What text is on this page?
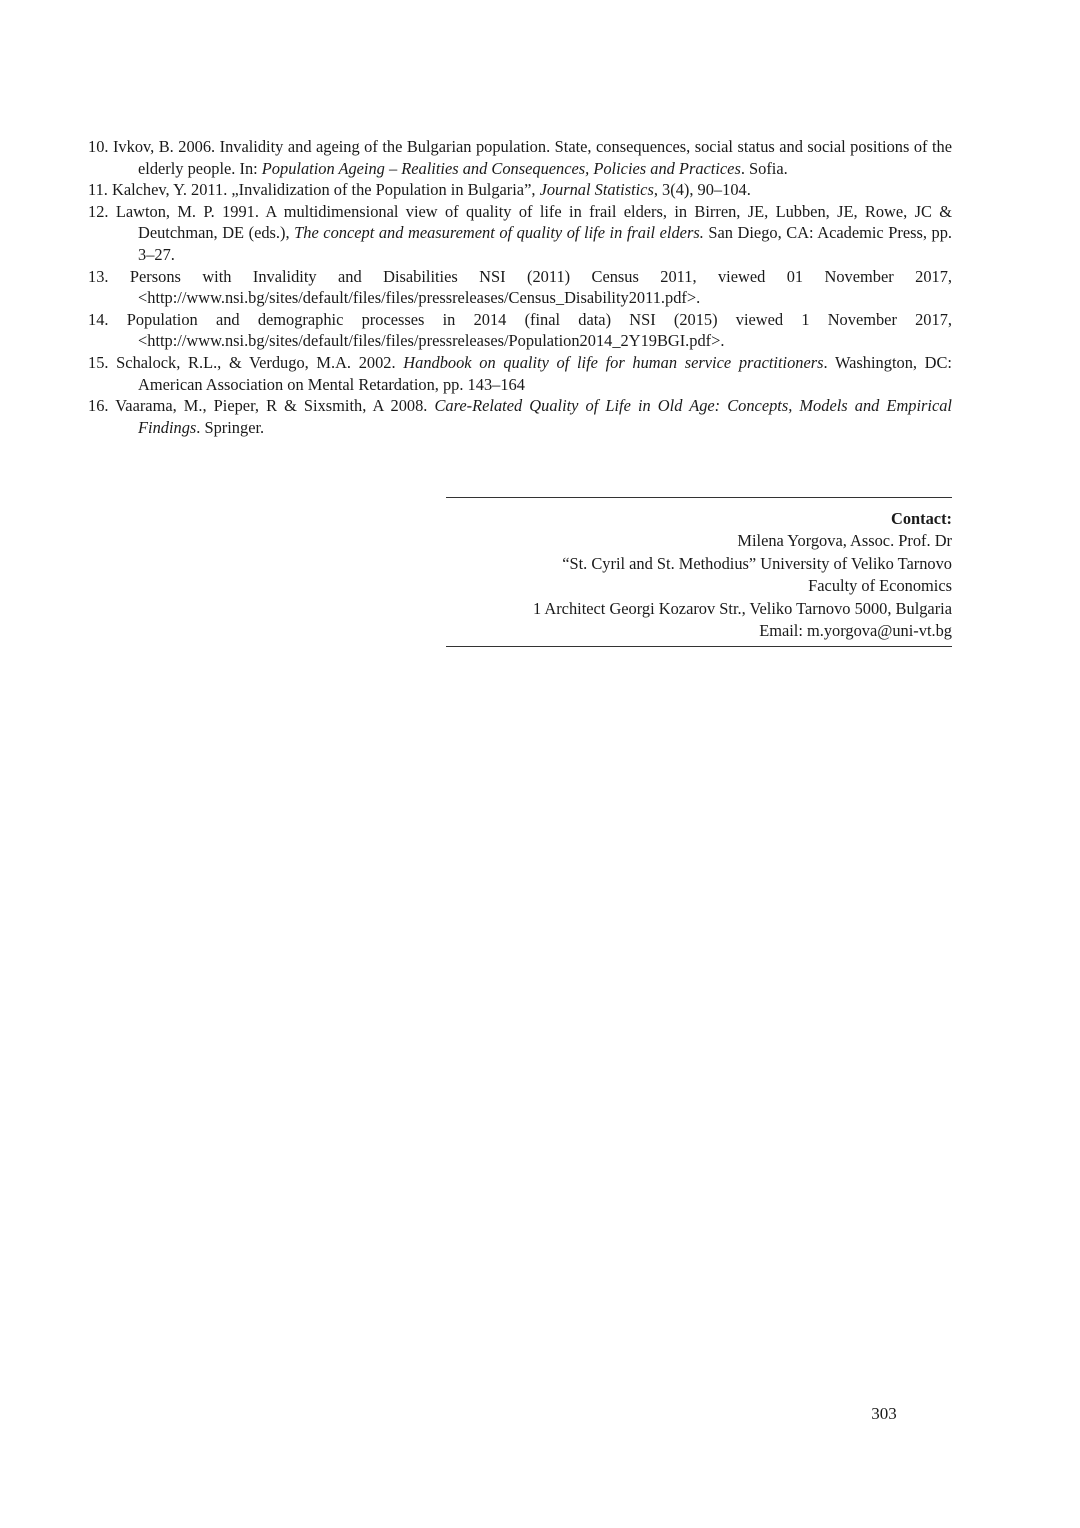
10. Ivkov, B. 2006. Invalidity and ageing of the Bulgarian population. State, consequences, social status and social positions of the elderly people. In: Population Ageing – Realities and Consequences, Policies and Practices. Sofia.

11. Kalchev, Y. 2011. „Invalidization of the Population in Bulgaria”, Journal Statistics, 3(4), 90–104.

12. Lawton, M. P. 1991. A multidimensional view of quality of life in frail elders, in Birren, JE, Lubben, JE, Rowe, JC & Deutchman, DE (eds.), The concept and measurement of quality of life in frail elders. San Diego, CA: Academic Press, pp. 3–27.

13. Persons with Invalidity and Disabilities NSI (2011) Census 2011, viewed 01 November 2017, <http://www.nsi.bg/sites/default/files/files/pressreleases/Census_Disability2011.pdf>.

14. Population and demographic processes in 2014 (final data) NSI (2015) viewed 1 November 2017, <http://www.nsi.bg/sites/default/files/files/pressreleases/Population2014_2Y19BGI.pdf>.

15. Schalock, R.L., & Verdugo, M.A. 2002. Handbook on quality of life for human service practitioners. Washington, DC: American Association on Mental Retardation, pp. 143–164

16. Vaarama, M., Pieper, R & Sixsmith, A 2008. Care-Related Quality of Life in Old Age: Concepts, Models and Empirical Findings. Springer.

Contact:
Milena Yorgova, Assoc. Prof. Dr
“St. Cyril and St. Methodius” University of Veliko Tarnovo
Faculty of Economics
1 Architect Georgi Kozarov Str., Veliko Tarnovo 5000, Bulgaria
Email: m.yorgova@uni-vt.bg
303
